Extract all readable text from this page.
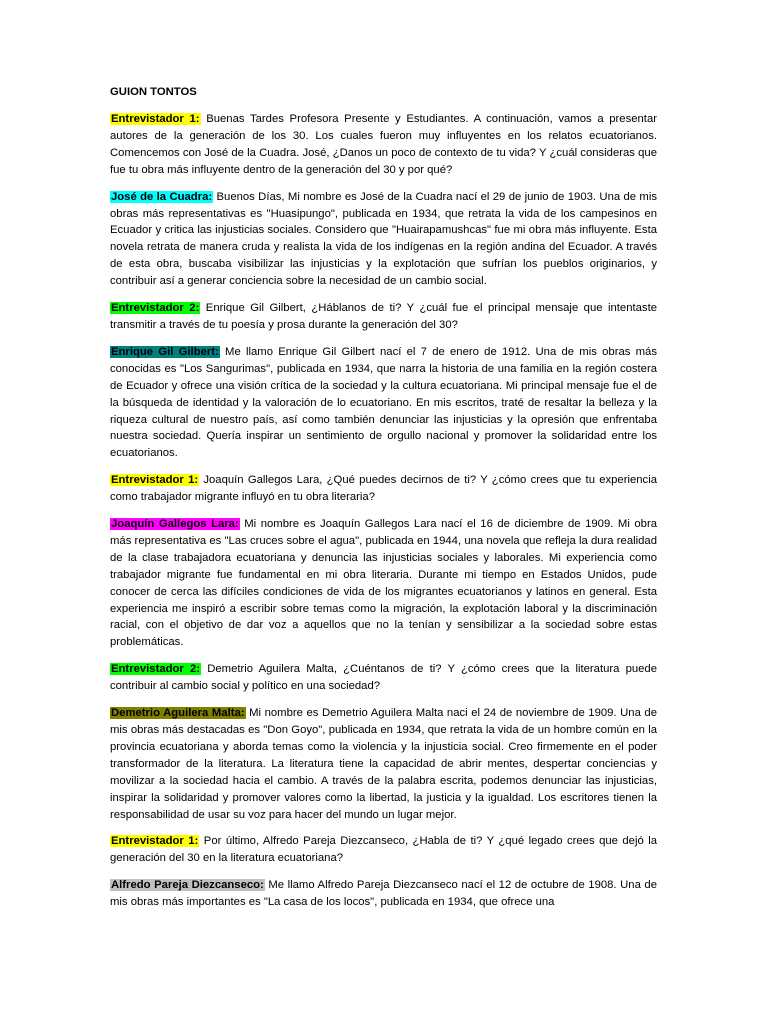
GUION TONTOS

Entrevistador 1: Buenas Tardes Profesora Presente y Estudiantes. A continuación, vamos a presentar autores de la generación de los 30. Los cuales fueron muy influyentes en los relatos ecuatorianos. Comencemos con José de la Cuadra. José, ¿Danos un poco de contexto de tu vida? Y ¿cuál consideras que fue tu obra más influyente dentro de la generación del 30 y por qué?

José de la Cuadra: Buenos Días, Mi nombre es José de la Cuadra nací el 29 de junio de 1903. Una de mis obras más representativas es "Huasipungo", publicada en 1934, que retrata la vida de los campesinos en Ecuador y critica las injusticias sociales. Considero que "Huairapamushcas" fue mi obra más influyente. Esta novela retrata de manera cruda y realista la vida de los indígenas en la región andina del Ecuador. A través de esta obra, buscaba visibilizar las injusticias y la explotación que sufrían los pueblos originarios, y contribuir así a generar conciencia sobre la necesidad de un cambio social.

Entrevistador 2: Enrique Gil Gilbert, ¿Háblanos de ti? Y ¿cuál fue el principal mensaje que intentaste transmitir a través de tu poesía y prosa durante la generación del 30?

Enrique Gil Gilbert: Me llamo Enrique Gil Gilbert nací el 7 de enero de 1912. Una de mis obras más conocidas es "Los Sangurimas", publicada en 1934, que narra la historia de una familia en la región costera de Ecuador y ofrece una visión crítica de la sociedad y la cultura ecuatoriana. Mi principal mensaje fue el de la búsqueda de identidad y la valoración de lo ecuatoriano. En mis escritos, traté de resaltar la belleza y la riqueza cultural de nuestro país, así como también denunciar las injusticias y la opresión que enfrentaba nuestra sociedad. Quería inspirar un sentimiento de orgullo nacional y promover la solidaridad entre los ecuatorianos.

Entrevistador 1: Joaquín Gallegos Lara, ¿Qué puedes decirnos de ti? Y ¿cómo crees que tu experiencia como trabajador migrante influyó en tu obra literaria?

Joaquín Gallegos Lara: Mi nombre es Joaquín Gallegos Lara nací el 16 de diciembre de 1909. Mi obra más representativa es "Las cruces sobre el agua", publicada en 1944, una novela que refleja la dura realidad de la clase trabajadora ecuatoriana y denuncia las injusticias sociales y laborales. Mi experiencia como trabajador migrante fue fundamental en mi obra literaria. Durante mi tiempo en Estados Unidos, pude conocer de cerca las difíciles condiciones de vida de los migrantes ecuatorianos y latinos en general. Esta experiencia me inspiró a escribir sobre temas como la migración, la explotación laboral y la discriminación racial, con el objetivo de dar voz a aquellos que no la tenían y sensibilizar a la sociedad sobre estas problemáticas.

Entrevistador 2: Demetrio Aguilera Malta, ¿Cuéntanos de ti? Y ¿cómo crees que la literatura puede contribuir al cambio social y político en una sociedad?

Demetrio Aguilera Malta: Mi nombre es Demetrio Aguilera Malta naci el 24 de noviembre de 1909. Una de mis obras más destacadas es "Don Goyo", publicada en 1934, que retrata la vida de un hombre común en la provincia ecuatoriana y aborda temas como la violencia y la injusticia social. Creo firmemente en el poder transformador de la literatura. La literatura tiene la capacidad de abrir mentes, despertar conciencias y movilizar a la sociedad hacia el cambio. A través de la palabra escrita, podemos denunciar las injusticias, inspirar la solidaridad y promover valores como la libertad, la justicia y la igualdad. Los escritores tienen la responsabilidad de usar su voz para hacer del mundo un lugar mejor.

Entrevistador 1: Por último, Alfredo Pareja Diezcanseco, ¿Habla de ti? Y ¿qué legado crees que dejó la generación del 30 en la literatura ecuatoriana?

Alfredo Pareja Diezcanseco: Me llamo Alfredo Pareja Diezcanseco nací el 12 de octubre de 1908. Una de mis obras más importantes es "La casa de los locos", publicada en 1934, que ofrece una
